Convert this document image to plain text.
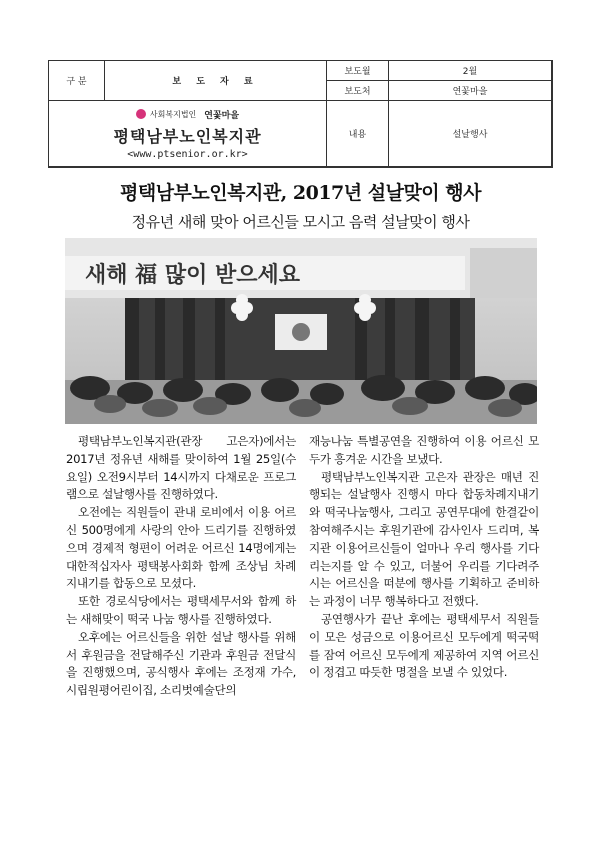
구 분	보 도 자 료
보도월	2월
보도처	연꽃마을
사회복지법인 연꽃마을
평택남부노인복지관
<www.ptsenior.or.kr>
내용	설날행사
평택남부노인복지관, 2017년 설날맞이 행사
정유년 새해 맞아 어르신들 모시고 음력 설날맞이 행사
새해 福 많이 받으세요

평택남부노인복지관(관장 고은자)에서는 2017년 정유년 새해를 맞이하여 1월 25일(수요일) 오전9시부터 14시까지 다채로운 프로그램으로 설날행사를 진행하였다.

오전에는 직원들이 관내 로비에서 이용 어르신 500명에게 사랑의 안아 드리기를 진행하였으며 경제적 형편이 어려운 어르신 14명에게는 대한적십자사 평택봉사회화 함께 조상님 차례지내기를 합동으로 모셨다.

또한 경로식당에서는 평택세무서와 함께 하는 새해맞이 떡국 나눔 행사를 진행하였다.

오후에는 어르신들을 위한 설날 행사를 위해서 후원금을 전달해주신 기관과 후원금 전달식을 진행했으며, 공식행사 후에는 조정재 가수, 시립원평어린이집, 소리벗예술단의

재능나눔 특별공연을 진행하여 이용 어르신 모두가 흥겨운 시간을 보냈다.

평택남부노인복지관 고은자 관장은 매년 진행되는 설날행사 진행시 마다 합동차례지내기와 떡국나눔행사, 그리고 공연무대에 한결같이 참여해주시는 후원기관에 감사인사 드리며, 복지관 이용어르신들이 얼마나 우리 행사를 기다리는지를 알 수 있고, 더불어 우리를 기다려주시는 어르신을 떠분에 행사를 기획하고 준비하는 과정이 너무 행복하다고 전했다.

공연행사가 끝난 후에는 평택세무서 직원들이 모은 성금으로 이용어르신 모두에게 떡국떡를 잠여 어르신 모두에게 제공하여 지역 어르신이 정겹고 따듯한 명절을 보낼 수 있었다.
